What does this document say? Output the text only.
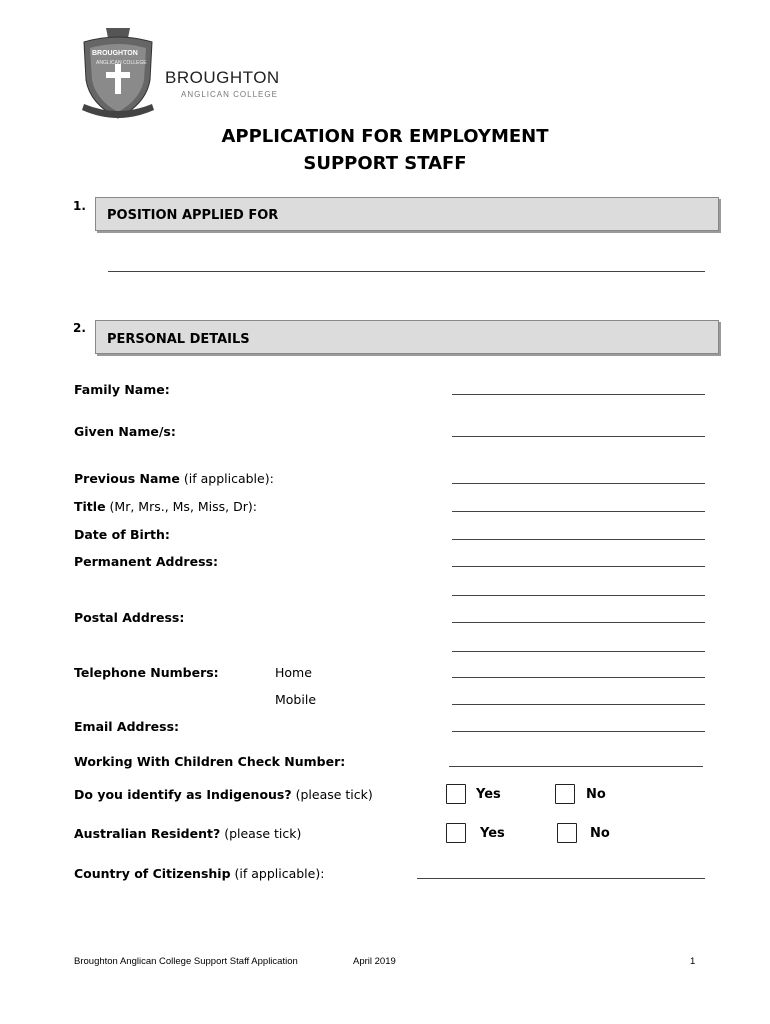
BROUGHTON
ANGLICAN COLLEGE
BROUGHTON
ANGLICAN COLLEGE
APPLICATION FOR EMPLOYMENT
SUPPORT STAFF
1.
POSITION APPLIED FOR
2.
PERSONAL DETAILS
Family Name:
Given Name/s:
Previous Name (if applicable):
Title (Mr, Mrs., Ms, Miss, Dr):
Date of Birth:
Permanent Address:
Postal Address:
Telephone Numbers:	Home
Mobile
Email Address:
Working With Children Check Number:
Do you identify as Indigenous? (please tick)	Yes	No
Australian Resident? (please tick)	Yes	No
Country of Citizenship (if applicable):
Broughton Anglican College Support Staff Application	April 2019	1
